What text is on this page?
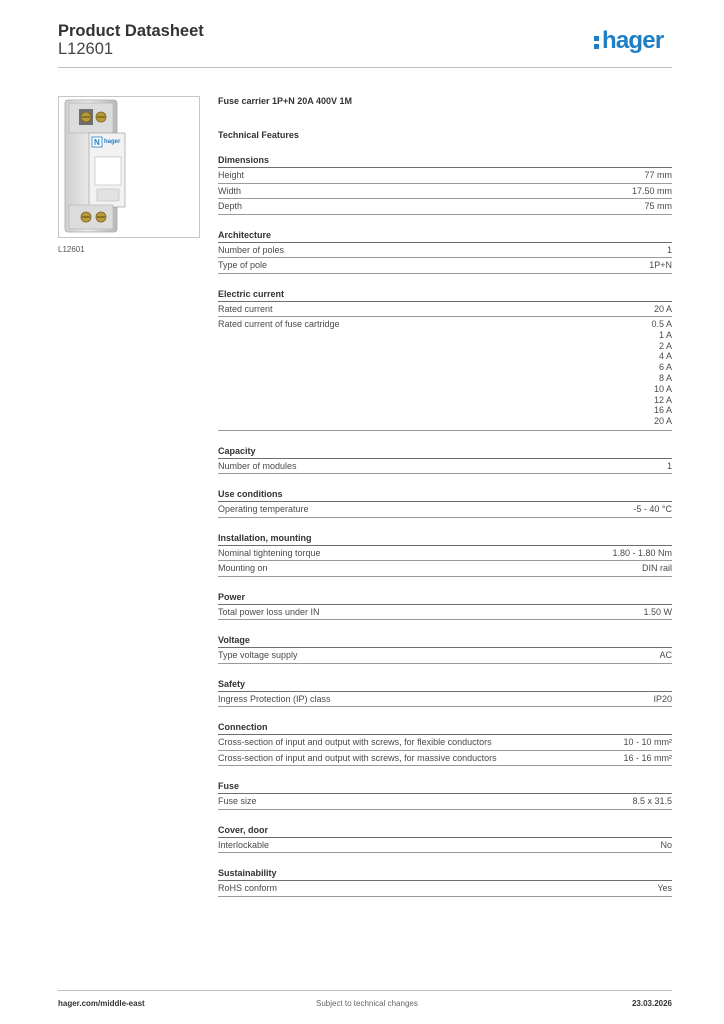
Product Datasheet
L12601	hager
N hager
L12601
Fuse carrier 1P+N 20A 400V 1M
Technical Features
Dimensions
Height	77 mm
Width	17.50 mm
Depth	75 mm
Architecture
Number of poles	1
Type of pole	1P+N
Electric current
Rated current	20 A
Rated current of fuse cartridge	0.5 A
1 A
2 A
4 A
6 A
8 A
10 A
12 A
16 A
20 A
Capacity
Number of modules	1
Use conditions
Operating temperature	-5 - 40 °C
Installation, mounting
Nominal tightening torque	1.80 - 1.80 Nm
Mounting on	DIN rail
Power
Total power loss under IN	1.50 W
Voltage
Type voltage supply	AC
Safety
Ingress Protection (IP) class	IP20
Connection
Cross-section of input and output with screws, for flexible conductors	10 - 10 mm²
Cross-section of input and output with screws, for massive conductors	16 - 16 mm²
Fuse
Fuse size	8.5 x 31.5
Cover, door
Interlockable	No
Sustainability
RoHS conform	Yes
hager.com/middle-east	Subject to technical changes	23.03.2026
